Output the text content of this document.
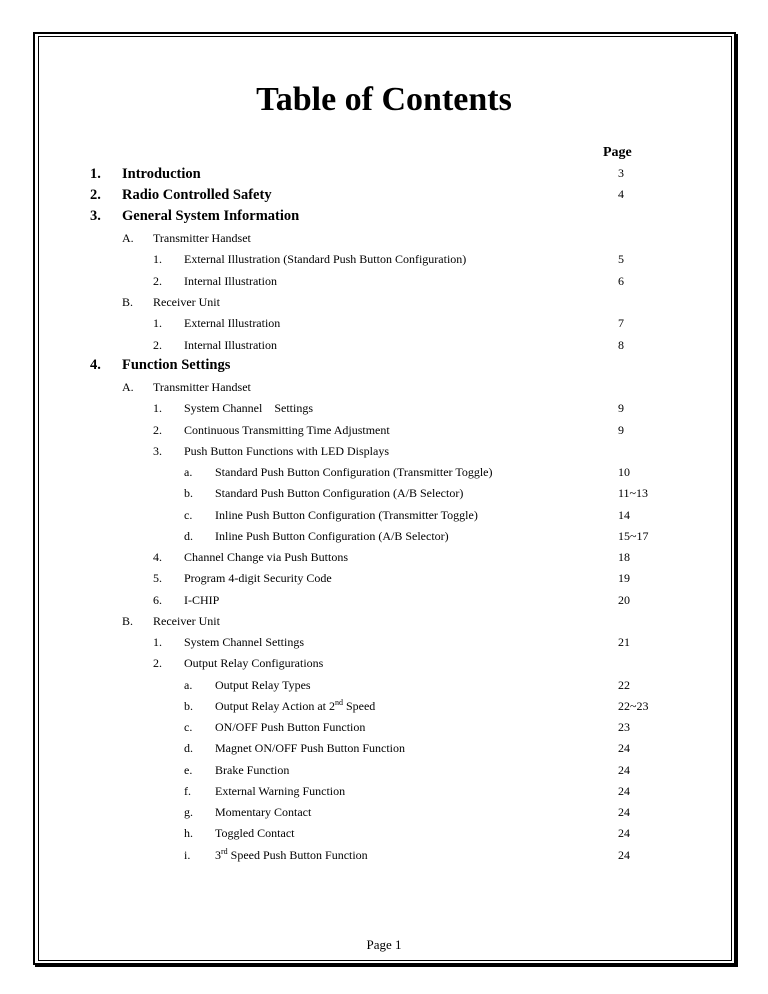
Table of Contents
Page
1. Introduction	3
2. Radio Controlled Safety	4
3. General System Information
A. Transmitter Handset
1. External Illustration (Standard Push Button Configuration)	5
2. Internal Illustration	6
B. Receiver Unit
1. External Illustration	7
2. Internal Illustration	8
4. Function Settings
A. Transmitter Handset
1. System Channel    Settings	9
2. Continuous Transmitting Time Adjustment	9
3. Push Button Functions with LED Displays
a. Standard Push Button Configuration (Transmitter Toggle)	10
b. Standard Push Button Configuration (A/B Selector)	11~13
c. Inline Push Button Configuration (Transmitter Toggle)	14
d. Inline Push Button Configuration (A/B Selector)	15~17
4. Channel Change via Push Buttons	18
5. Program 4-digit Security Code	19
6. I-CHIP	20
B. Receiver Unit
1. System Channel Settings	21
2. Output Relay Configurations
a. Output Relay Types	22
b. Output Relay Action at 2nd Speed	22~23
c. ON/OFF Push Button Function	23
d. Magnet ON/OFF Push Button Function	24
e. Brake Function	24
f. External Warning Function	24
g. Momentary Contact	24
h. Toggled Contact	24
i. 3rd Speed Push Button Function	24
Page 1
